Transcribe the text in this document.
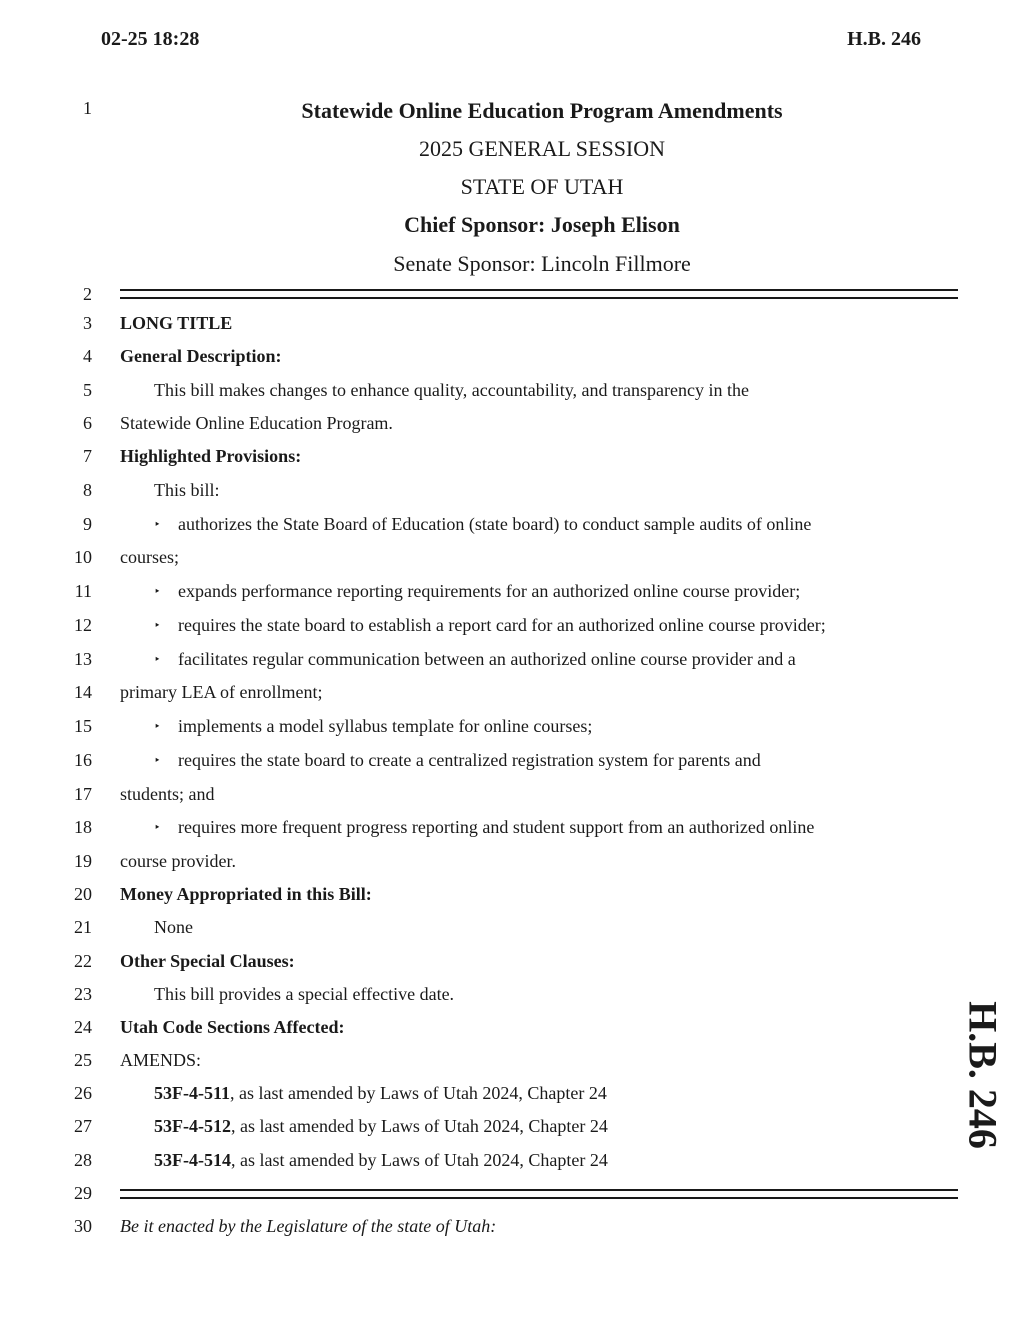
02-25 18:28	H.B. 246
H.B. 246
Statewide Online Education Program Amendments
2025 GENERAL SESSION
STATE OF UTAH
Chief Sponsor: Joseph Elison
Senate Sponsor: Lincoln Fillmore
1
2
3 LONG TITLE
4 General Description:
5	This bill makes changes to enhance quality, accountability, and transparency in the
6 Statewide Online Education Program.
7 Highlighted Provisions:
8	This bill:
9	‣ authorizes the State Board of Education (state board) to conduct sample audits of online
10 courses;
11	‣ expands performance reporting requirements for an authorized online course provider;
12	‣ requires the state board to establish a report card for an authorized online course provider;
13	‣ facilitates regular communication between an authorized online course provider and a
14 primary LEA of enrollment;
15	‣ implements a model syllabus template for online courses;
16	‣ requires the state board to create a centralized registration system for parents and
17 students; and
18	‣ requires more frequent progress reporting and student support from an authorized online
19 course provider.
20 Money Appropriated in this Bill:
21	None
22 Other Special Clauses:
23	This bill provides a special effective date.
24 Utah Code Sections Affected:
25 AMENDS:
26	53F-4-511, as last amended by Laws of Utah 2024, Chapter 24
27	53F-4-512, as last amended by Laws of Utah 2024, Chapter 24
28	53F-4-514, as last amended by Laws of Utah 2024, Chapter 24
29
30 Be it enacted by the Legislature of the state of Utah:
